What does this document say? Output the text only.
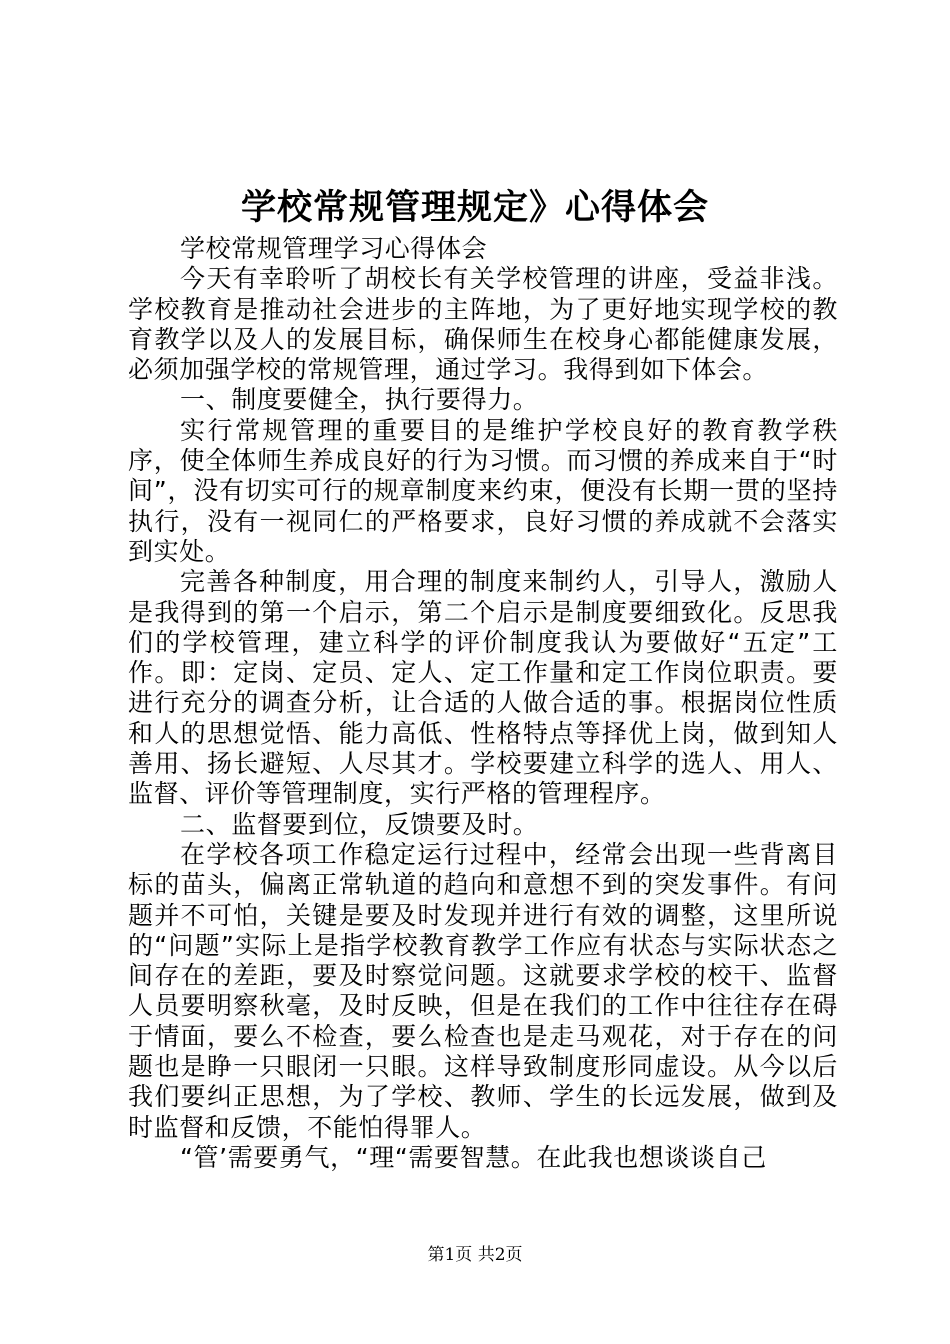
学校常规管理规定》心得体会

学校常规管理学习心得体会

今天有幸聆听了胡校长有关学校管理的讲座，受益非浅。学校教育是推动社会进步的主阵地，为了更好地实现学校的教育教学以及人的发展目标，确保师生在校身心都能健康发展，必须加强学校的常规管理，通过学习。我得到如下体会。

一、制度要健全，执行要得力。

实行常规管理的重要目的是维护学校良好的教育教学秩序，使全体师生养成良好的行为习惯。而习惯的养成来自于“时间”，没有切实可行的规章制度来约束，便没有长期一贯的坚持执行，没有一视同仁的严格要求，良好习惯的养成就不会落实到实处。

完善各种制度，用合理的制度来制约人，引导人，激励人是我得到的第一个启示，第二个启示是制度要细致化。反思我们的学校管理，建立科学的评价制度我认为要做好“五定”工作。即：定岗、定员、定人、定工作量和定工作岗位职责。要进行充分的调查分析，让合适的人做合适的事。根据岗位性质和人的思想觉悟、能力高低、性格特点等择优上岗，做到知人善用、扬长避短、人尽其才。学校要建立科学的选人、用人、监督、评价等管理制度，实行严格的管理程序。

二、监督要到位，反馈要及时。

在学校各项工作稳定运行过程中，经常会出现一些背离目标的苗头，偏离正常轨道的趋向和意想不到的突发事件。有问题并不可怕，关键是要及时发现并进行有效的调整，这里所说的“问题”实际上是指学校教育教学工作应有状态与实际状态之间存在的差距，要及时察觉问题。这就要求学校的校干、监督人员要明察秋毫，及时反映，但是在我们的工作中往往存在碍于情面，要么不检查，要么检查也是走马观花，对于存在的问题也是睁一只眼闭一只眼。这样导致制度形同虚设。从今以后我们要纠正思想，为了学校、教师、学生的长远发展，做到及时监督和反馈，不能怕得罪人。

“管’需要勇气，“理“需要智慧。在此我也想谈谈自己

第1页 共2页
